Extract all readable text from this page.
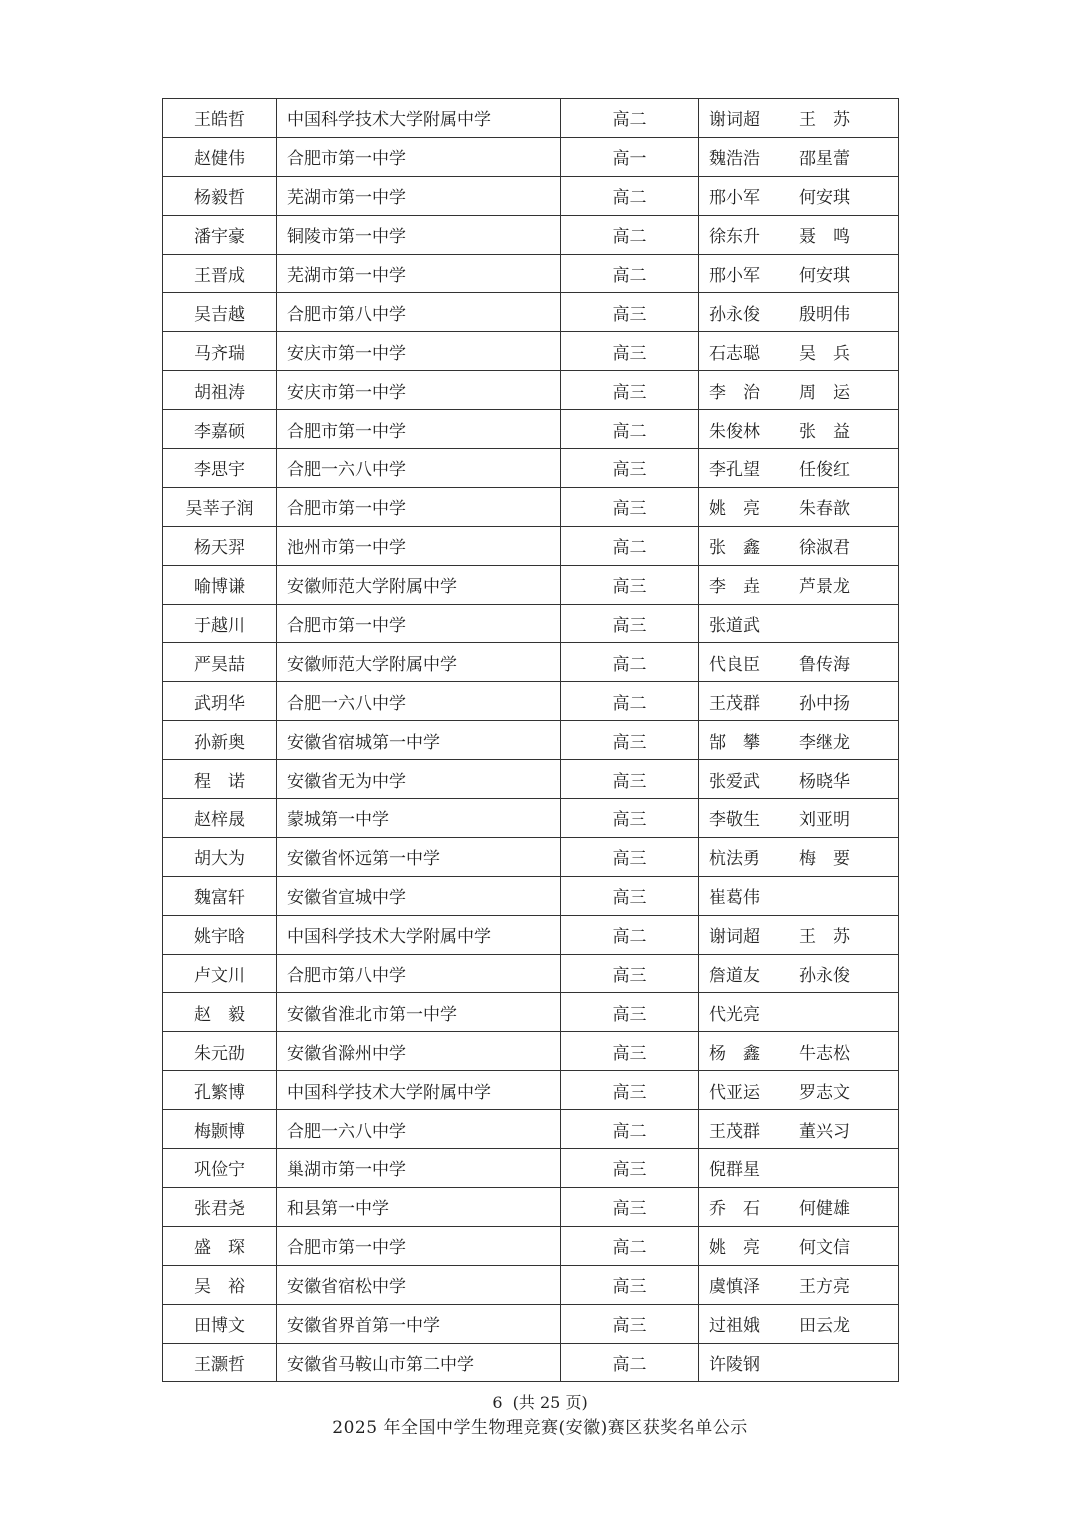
王皓哲	中国科学技术大学附属中学	高二	谢词超 王　苏
赵健伟	合肥市第一中学	高一	魏浩浩 邵星蕾
杨毅哲	芜湖市第一中学	高二	邢小军 何安琪
潘宇豪	铜陵市第一中学	高二	徐东升 聂　鸣
王晋成	芜湖市第一中学	高二	邢小军 何安琪
吴吉越	合肥市第八中学	高三	孙永俊 殷明伟
马齐瑞	安庆市第一中学	高三	石志聪 吴　兵
胡祖涛	安庆市第一中学	高三	李　治 周　运
李嘉硕	合肥市第一中学	高二	朱俊林 张　益
李思宇	合肥一六八中学	高三	李孔望 任俊红
吴莘子润	合肥市第一中学	高三	姚　亮 朱春歆
杨天羿	池州市第一中学	高二	张　鑫 徐淑君
喻博谦	安徽师范大学附属中学	高三	李　垚 芦景龙
于越川	合肥市第一中学	高三	张道武
严昊喆	安徽师范大学附属中学	高二	代良臣 鲁传海
武玥华	合肥一六八中学	高二	王茂群 孙中扬
孙新奥	安徽省宿城第一中学	高三	郜　攀 李继龙
程　诺	安徽省无为中学	高三	张爱武 杨晓华
赵梓晟	蒙城第一中学	高三	李敬生 刘亚明
胡大为	安徽省怀远第一中学	高三	杭法勇 梅　要
魏富轩	安徽省宣城中学	高三	崔葛伟
姚宇晗	中国科学技术大学附属中学	高二	谢词超 王　苏
卢文川	合肥市第八中学	高三	詹道友 孙永俊
赵　毅	安徽省淮北市第一中学	高三	代光亮
朱元劭	安徽省滁州中学	高三	杨　鑫 牛志松
孔繁博	中国科学技术大学附属中学	高三	代亚运 罗志文
梅颢博	合肥一六八中学	高二	王茂群 董兴习
巩俭宁	巢湖市第一中学	高三	倪群星
张君尧	和县第一中学	高三	乔　石 何健雄
盛　琛	合肥市第一中学	高二	姚　亮 何文信
吴　裕	安徽省宿松中学	高三	虞慎泽 王方亮
田博文	安徽省界首第一中学	高三	过祖娥 田云龙
王灏哲	安徽省马鞍山市第二中学	高二	许陵钢
6  (共 25 页)
2025 年全国中学生物理竞赛(安徽)赛区获奖名单公示
